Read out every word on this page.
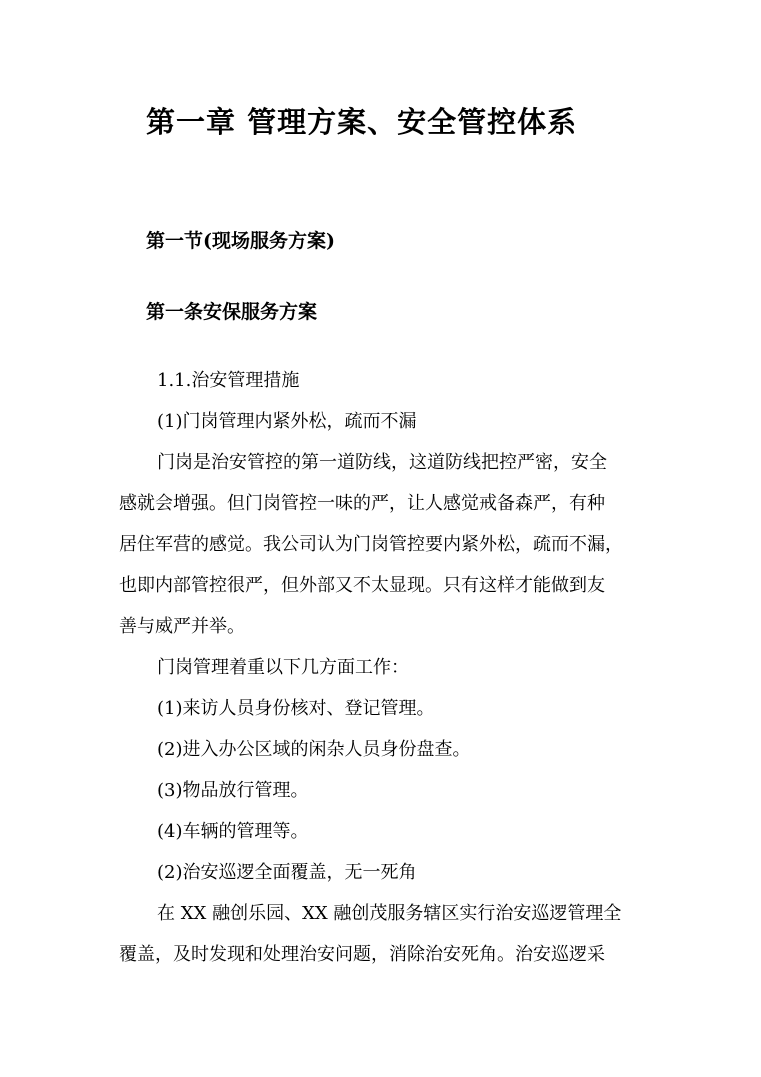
第一章 管理方案、安全管控体系
第一节(现场服务方案)
第一条安保服务方案

1.1.治安管理措施

(1)门岗管理内紧外松，疏而不漏

门岗是治安管控的第一道防线，这道防线把控严密，安全

感就会增强。但门岗管控一味的严，让人感觉戒备森严，有种

居住军营的感觉。我公司认为门岗管控要内紧外松，疏而不漏，

也即内部管控很严，但外部又不太显现。只有这样才能做到友

善与威严并举。

门岗管理着重以下几方面工作：

(1)来访人员身份核对、登记管理。

(2)进入办公区域的闲杂人员身份盘查。

(3)物品放行管理。

(4)车辆的管理等。

(2)治安巡逻全面覆盖，无一死角

在 XX 融创乐园、XX 融创茂服务辖区实行治安巡逻管理全

覆盖，及时发现和处理治安问题，消除治安死角。治安巡逻采
